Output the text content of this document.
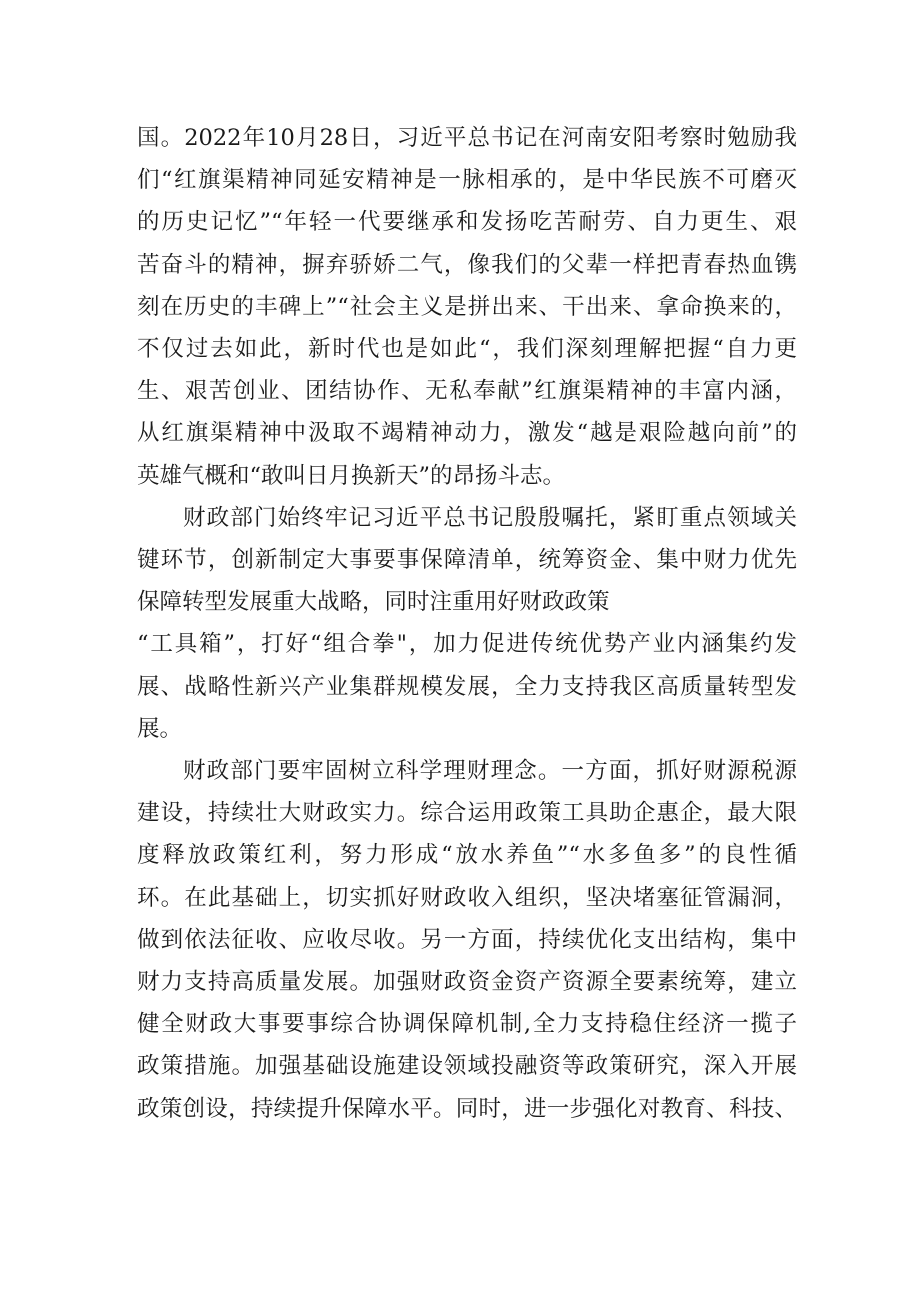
国。2022年10月28日，习近平总书记在河南安阳考察时勉励我
们“红旗渠精神同延安精神是一脉相承的，是中华民族不可磨灭
的历史记忆”“年轻一代要继承和发扬吃苦耐劳、自力更生、艰
苦奋斗的精神，摒弃骄娇二气，像我们的父辈一样把青春热血镌
刻在历史的丰碑上”“社会主义是拼出来、干出来、拿命换来的，
不仅过去如此，新时代也是如此“，我们深刻理解把握“自力更
生、艰苦创业、团结协作、无私奉献”红旗渠精神的丰富内涵，
从红旗渠精神中汲取不竭精神动力，激发“越是艰险越向前”的
英雄气概和“敢叫日月换新天”的昂扬斗志。
财政部门始终牢记习近平总书记殷殷嘱托，紧盯重点领域关
键环节，创新制定大事要事保障清单，统筹资金、集中财力优先
保障转型发展重大战略，同时注重用好财政政策
“工具箱”，打好“组合拳"，加力促进传统优势产业内涵集约发
展、战略性新兴产业集群规模发展，全力支持我区高质量转型发
展。
财政部门要牢固树立科学理财理念。一方面，抓好财源税源
建设，持续壮大财政实力。综合运用政策工具助企惠企，最大限
度释放政策红利，努力形成“放水养鱼”“水多鱼多”的良性循
环。在此基础上，切实抓好财政收入组织，坚决堵塞征管漏洞，
做到依法征收、应收尽收。另一方面，持续优化支出结构，集中
财力支持高质量发展。加强财政资金资产资源全要素统筹，建立
健全财政大事要事综合协调保障机制,全力支持稳住经济一揽子
政策措施。加强基础设施建设领域投融资等政策研究，深入开展
政策创设，持续提升保障水平。同时，进一步强化对教育、科技、
